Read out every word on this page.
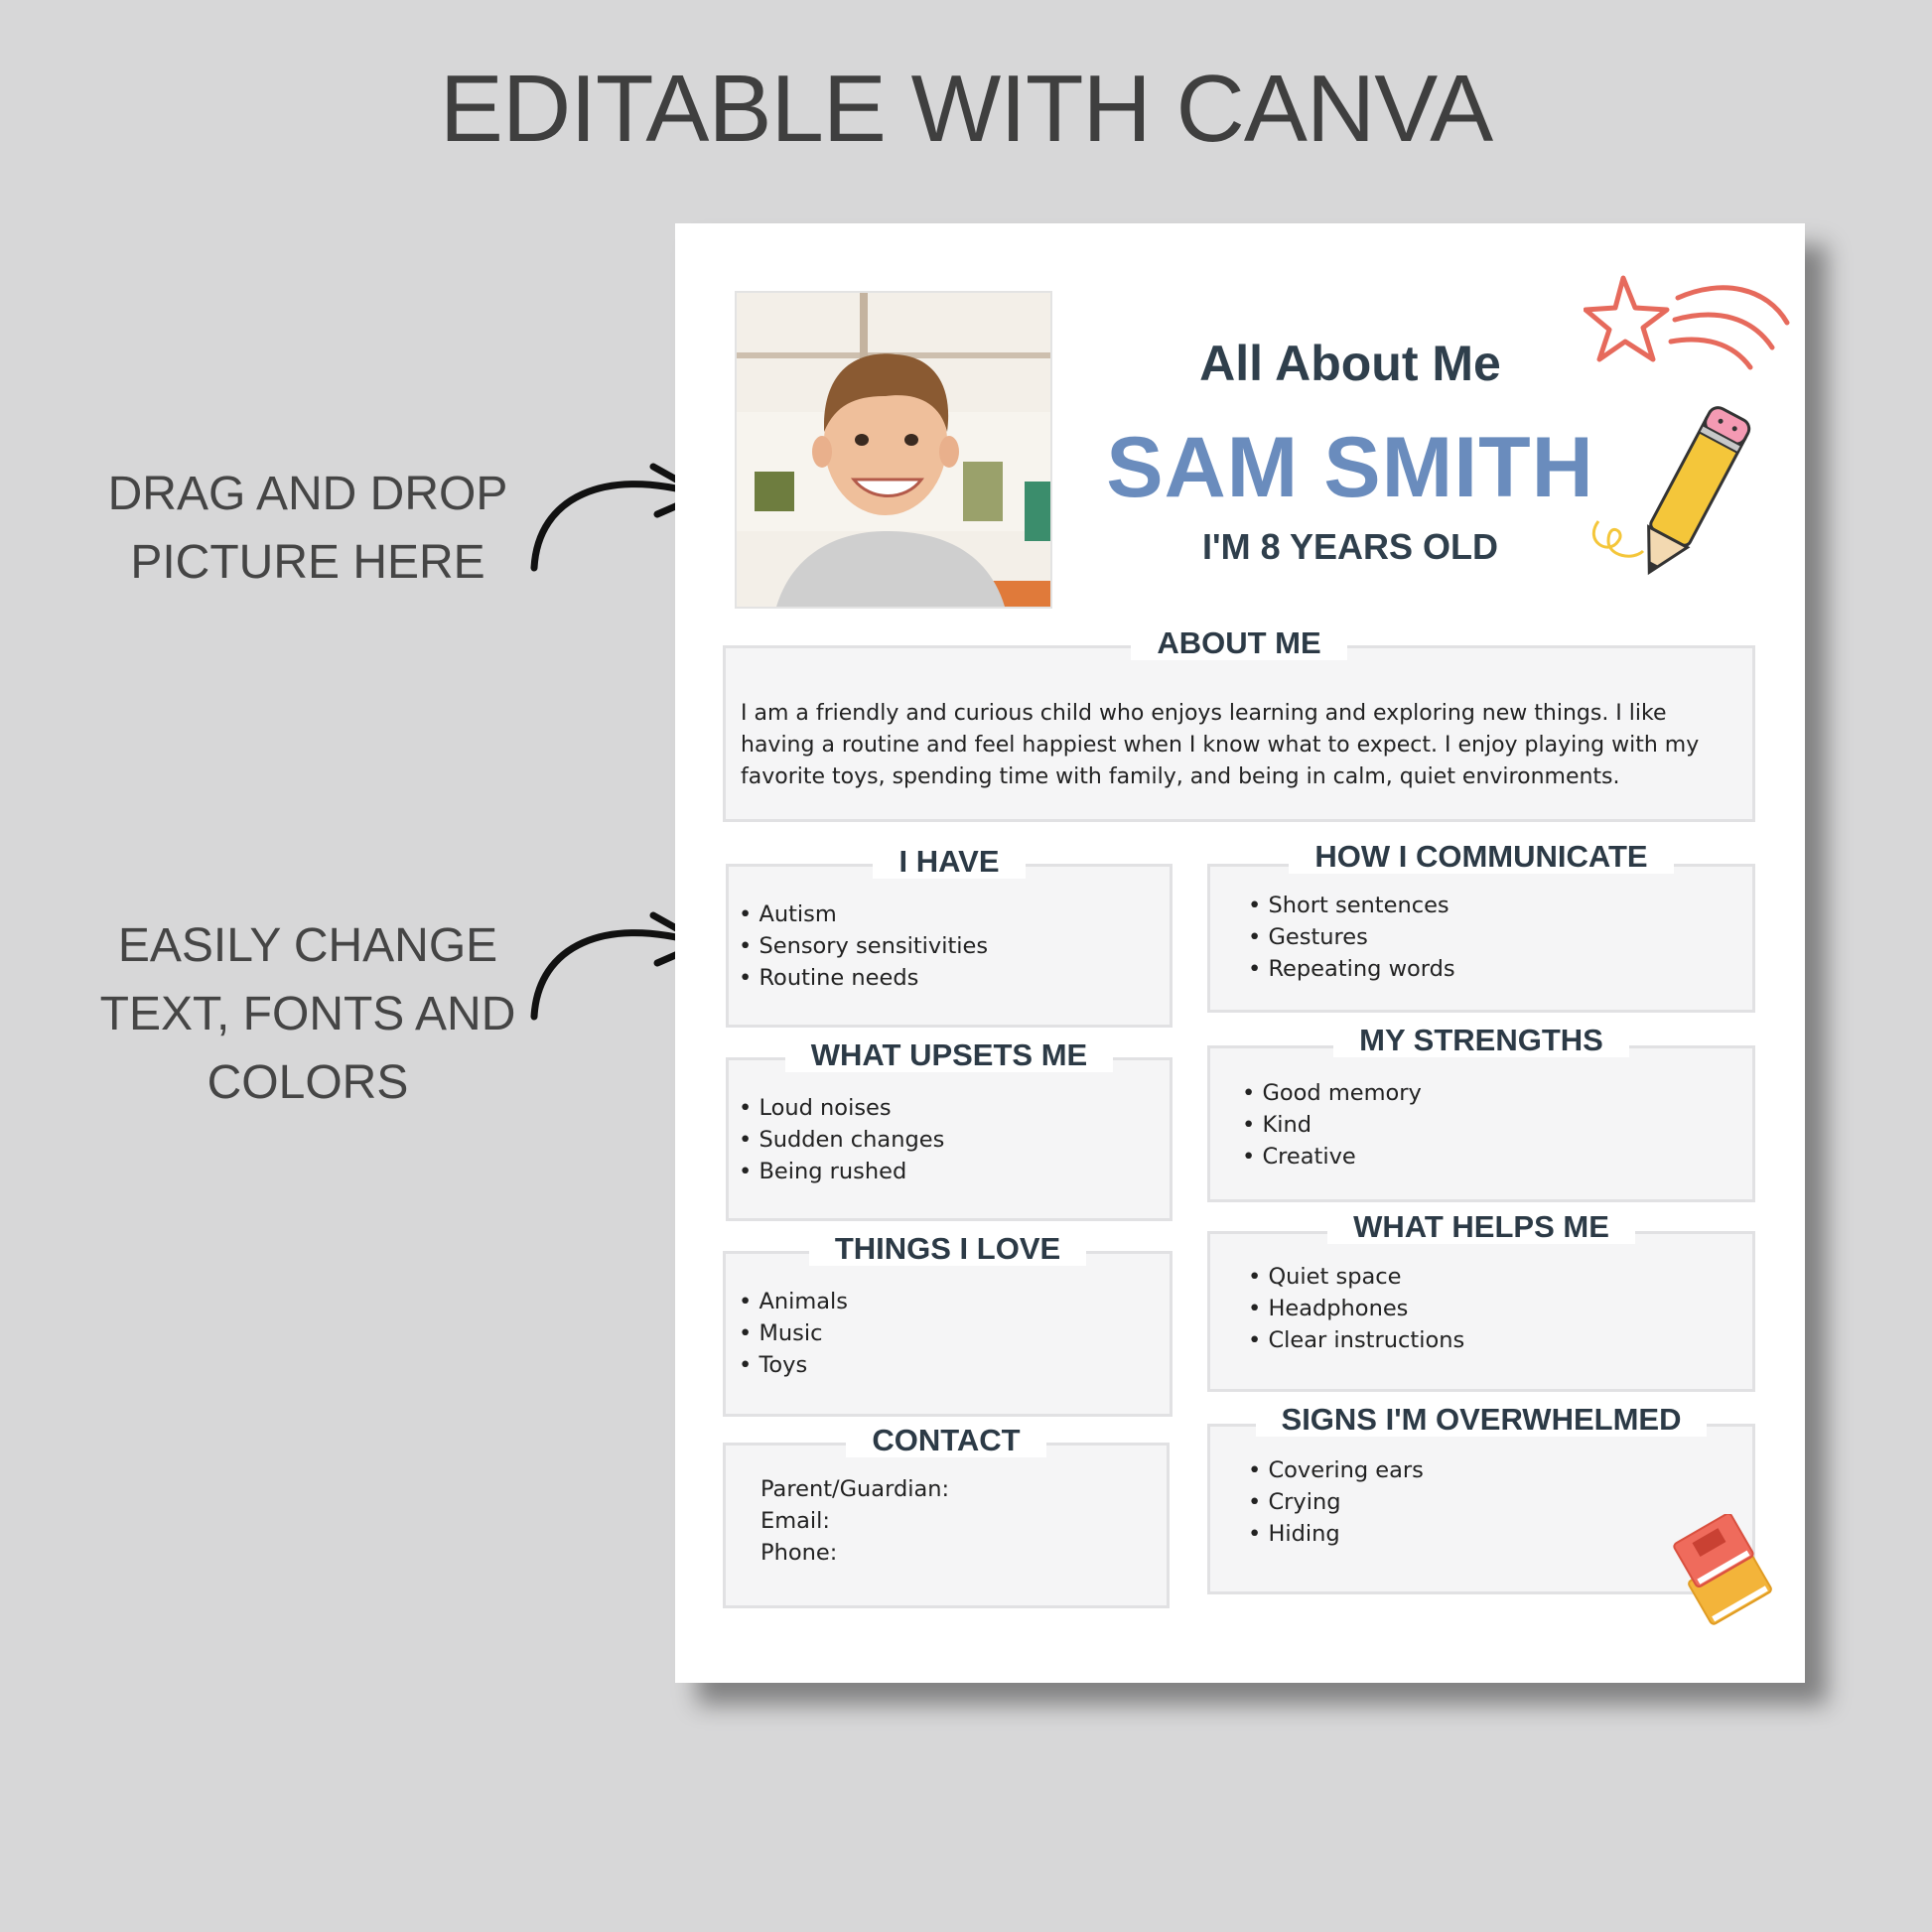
EDITABLE WITH CANVA
DRAG AND DROP
PICTURE HERE
EASILY CHANGE
TEXT, FONTS AND
COLORS
All About Me
SAM SMITH
I'M 8 YEARS OLD
ABOUT ME
I am a friendly and curious child who enjoys learning and exploring new things. I like having a routine and feel happiest when I know what to expect. I enjoy playing with my favorite toys, spending time with family, and being in calm, quiet environments.
I HAVE
• Autism
• Sensory sensitivities
• Routine needs
HOW I COMMUNICATE
• Short sentences
• Gestures
• Repeating words
WHAT UPSETS ME
• Loud noises
• Sudden changes
• Being rushed
MY STRENGTHS
• Good memory
• Kind
• Creative
THINGS I LOVE
• Animals
• Music
• Toys
WHAT HELPS ME
• Quiet space
• Headphones
• Clear instructions
CONTACT
Parent/Guardian:
Email:
Phone:
SIGNS I'M OVERWHELMED
• Covering ears
• Crying
• Hiding
